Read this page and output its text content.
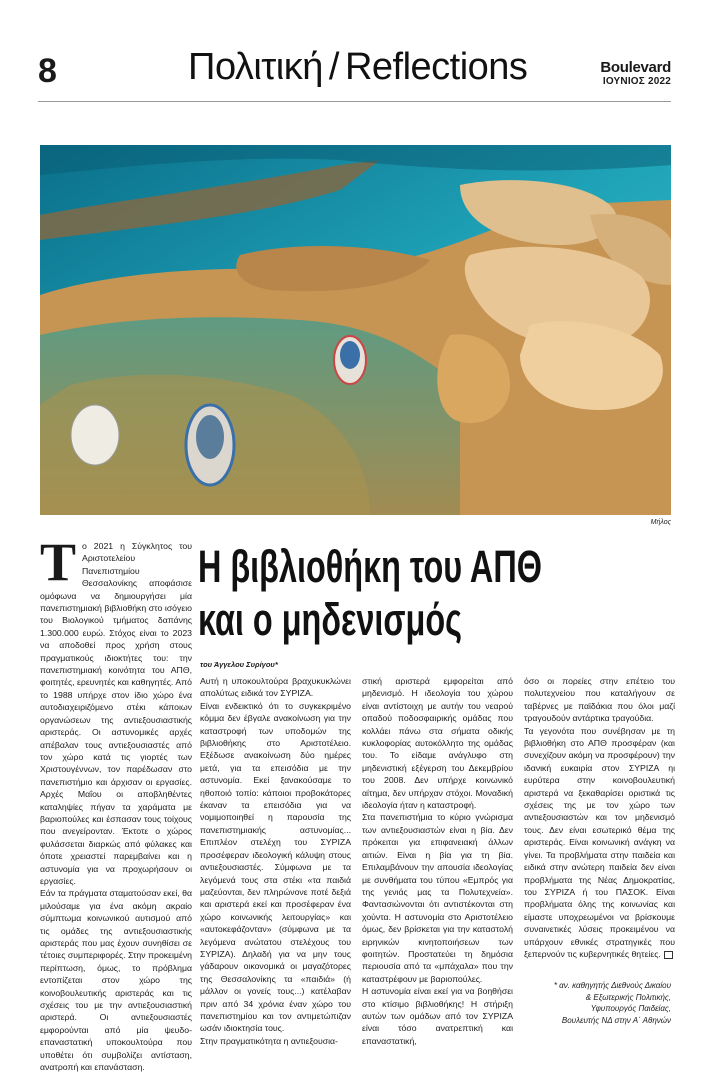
8	Πολιτική / Reflections	Boulevard
ΙΟΥΝΙΟΣ 2022
Μήλος
Τ ο 2021 η Σύγκλητος του Αριστοτελείου Πανεπιστημίου Θεσσαλονίκης αποφάσισε ομόφωνα να δημιουργήσει μία πανεπιστημιακή βιβλιοθήκη στο ισόγειο του Βιολογικού τμήματος δαπάνης 1.300.000 ευρώ. Στόχος είναι το 2023 να αποδοθεί προς χρήση στους πραγματικούς ιδιοκτήτες του: την πανεπιστημιακή κοινότητα του ΑΠΘ, φοιτητές, ερευνητές και καθηγητές. Από το 1988 υπήρχε στον ίδιο χώρο ένα αυτοδιαχειριζόμενο στέκι κάποιων οργανώσεων της αντιεξουσιαστικής αριστεράς. Οι αστυνομικές αρχές απέβαλαν τους αντιεξουσιαστές από τον χώρο κατά τις γιορτές των Χριστουγέννων, τον παρέδωσαν στο πανεπιστήμιο και άρχισαν οι εργασίες. Αρχές Μαΐου οι αποβληθέντες καταληψίες πήγαν τα χαράματα με βαριοπούλες και έσπασαν τους τοίχους που ανεγείρονταν. Έκτοτε ο χώρος φυλάσσεται διαρκώς από φύλακες και όποτε χρειαστεί παρεμβαίνει και η αστυνομία για να προχωρήσουν οι εργασίες.

Εάν τα πράγματα σταματούσαν εκεί, θα μιλούσαμε για ένα ακόμη ακραίο σύμπτωμα κοινωνικού αυτισμού από τις ομάδες της αντιεξουσιαστικής αριστεράς που μας έχουν συνηθίσει σε τέτοιες συμπεριφορές. Στην προκειμένη περίπτωση, όμως, το πρόβλημα εντοπίζεται στον χώρο της κοινοβουλευτικής αριστεράς και τις σχέσεις του με την αντιεξουσιαστική αριστερά. Οι αντιεξουσιαστές εμφορούνται από μία ψευδο-επαναστατική υποκουλτούρα που υποθέτει ότι συμβολίζει αντίσταση, ανατροπή και επανάσταση.

Η βιβλιοθήκη του ΑΠΘ
και ο μηδενισμός
του Άγγελου Συρίγου*

Αυτή η υποκουλτούρα βραχυκυκλώνει απολύτως ειδικά τον ΣΥΡΙΖΑ.

Είναι ενδεικτικό ότι το συγκεκριμένο κόμμα δεν έβγαλε ανακοίνωση για την καταστροφή των υποδομών της βιβλιοθήκης στο Αριστοτέλειο. Εξέδωσε ανακοίνωση δύο ημέρες μετά, για τα επεισόδια με την αστυνομία. Εκεί ξανακούσαμε το ηθοποιό τοπίο: κάποιοι προβοκάτορες έκαναν τα επεισόδια για να νομιμοποιηθεί η παρουσία της πανεπιστημιακής αστυνομίας... Επιπλέον στελέχη του ΣΥΡΙΖΑ προσέφεραν ιδεολογική κάλυψη στους αντιεξουσιαστές. Σύμφωνα με τα λεγόμενά τους στα στέκι «τα παιδιά μαζεύονται, δεν πληρώνονε ποτέ δεξιά και αριστερά εκεί και προσέφεραν ένα χώρο κοινωνικής λειτουργίας» και «αυτοκεφάζονταν» (σύμφωνα με τα λεγόμενα ανώτατου στελέχους του ΣΥΡΙΖΑ). Δηλαδή για να μην τους γάδαρουν οικονομικά οι μαγαζότορες της Θεσσαλονίκης τα «παιδιά» (ή μάλλον οι γονείς τους...) κατέλαβαν πριν από 34 χρόνια έναν χώρο του πανεπιστημίου και τον αντιμετώπιζαν ωσάν ιδιοκτησία τους.

Στην πραγματικότητα η αντιεξουσια-

στική αριστερά εμφορείται από μηδενισμό. Η ιδεολογία του χώρου είναι αντίστοιχη με αυτήν του νεαρού οπαδού ποδοσφαιρικής ομάδας που κολλάει πάνω στα σήματα οδικής κυκλοφορίας αυτοκόλλητο της ομάδας του. Το είδαμε ανάγλυφο στη μηδενιστική εξέγερση του Δεκεμβρίου του 2008. Δεν υπήρχε κοινωνικό αίτημα, δεν υπήρχαν στόχοι. Μοναδική ιδεολογία ήταν η καταστροφή.

Στα πανεπιστήμια το κύριο γνώρισμα των αντιεξουσιαστών είναι η βία. Δεν πρόκειται για επιφανειακή άλλων αιτιών. Είναι η βία για τη βία. Επιλαμβάνουν την απουσία ιδεολογίας με συνθήματα του τύπου «Εμπρός για της γενιάς μας τα Πολυτεχνεία». Φαντασιώνονται ότι αντιστέκονται στη χούντα. Η αστυνομία στο Αριστοτέλειο όμως, δεν βρίσκεται για την καταστολή ειρηνικών κινητοποιήσεων των φοιτητών. Προστατεύει τη δημόσια περιουσία από τα «μπάχαλα» που την καταστρέφουν με βαριοπούλες.

Η αστυνομία είναι εκεί για να βοηθήσει στο κτίσιμο βιβλιοθήκης! Η στήριξη αυτών των ομάδων από τον ΣΥΡΙΖΑ είναι τόσο ανατρεπτική και επαναστατική,

όσο οι πορείες στην επέτειο του πολυτεχνείου που καταλήγουν σε ταβέρνες με παϊδάκια που όλοι μαζί τραγουδούν αντάρτικα τραγούδια.

Τα γεγονότα που συνέβησαν με τη βιβλιοθήκη στο ΑΠΘ προσφέραν (και συνεχίζουν ακόμη να προσφέρουν) την ιδανική ευκαιρία στον ΣΥΡΙΖΑ ηι ευρύτερα στην κοινοβουλευτική αριστερά να ξεκαθαρίσει οριστικά τις σχέσεις της με τον χώρο των αντιεξουσιαστών και τον μηδενισμό τους. Δεν είναι εσωτερικό θέμα της αριστεράς. Είναι κοινωνική ανάγκη να γίνει. Τα προβλήματα στην παιδεία και ειδικά στην ανώτερη παιδεία δεν είναι προβλήματα της Νέας Δημοκρατίας, του ΣΥΡΙΖΑ ή του ΠΑΣΟΚ. Είναι προβλήματα όλης της κοινωνίας και είμαστε υποχρεωμένοι να βρίσκουμε συναινετικές λύσεις προκειμένου να υπάρχουν εθνικές στρατηγικές που ξεπερνούν τις κυβερνητικές θητείες.

* αν. καθηγητής Διεθνούς Δικαίου
& Εξωτερικής Πολιτικής,
Υφυπουργός Παιδείας,
Βουλευτής ΝΔ στην Α΄ Αθηνών
